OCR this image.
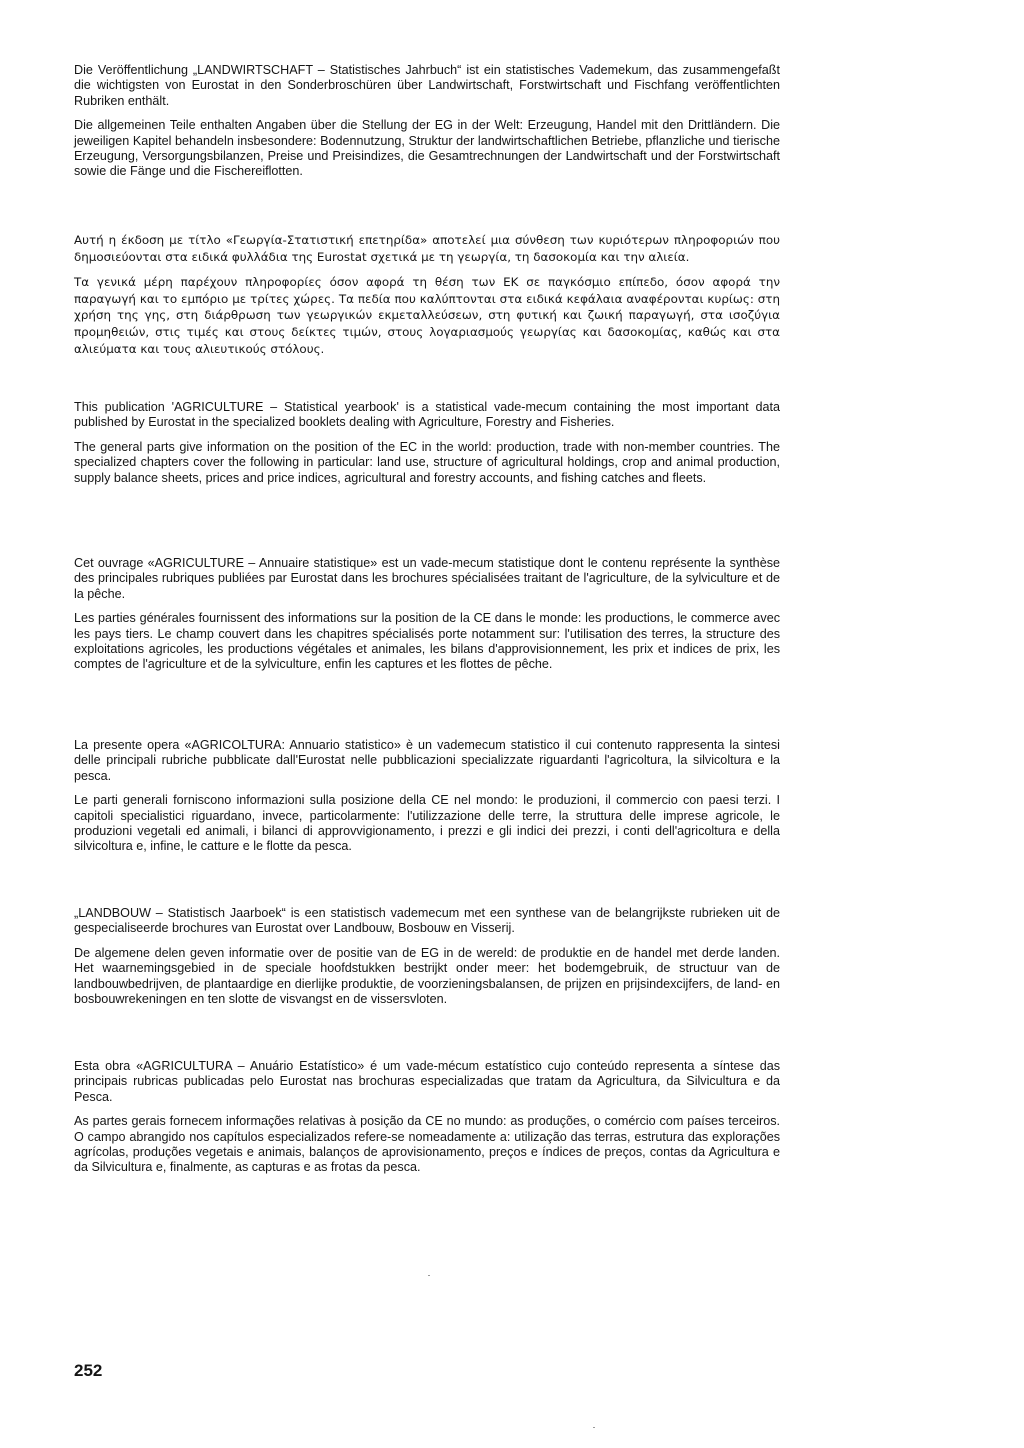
Die Veröffentlichung „LANDWIRTSCHAFT – Statistisches Jahrbuch“ ist ein statistisches Vademekum, das zusammengefaßt die wichtigsten von Eurostat in den Sonderbroschüren über Landwirtschaft, Forstwirtschaft und Fischfang veröffentlichten Rubriken enthält.

Die allgemeinen Teile enthalten Angaben über die Stellung der EG in der Welt: Erzeugung, Handel mit den Drittländern. Die jeweiligen Kapitel behandeln insbesondere: Bodennutzung, Struktur der landwirtschaftlichen Betriebe, pflanzliche und tierische Erzeugung, Versorgungsbilanzen, Preise und Preisindizes, die Gesamtrechnungen der Landwirtschaft und der Forstwirtschaft sowie die Fänge und die Fischereiflotten.

Αυτή η έκδοση με τίτλο «Γεωργία-Στατιστική επετηρίδα» αποτελεί μια σύνθεση των κυριότερων πληροφοριών που δημοσιεύονται στα ειδικά φυλλάδια της Eurostat σχετικά με τη γεωργία, τη δασοκομία και την αλιεία.

Τα γενικά μέρη παρέχουν πληροφορίες όσον αφορά τη θέση των ΕΚ σε παγκόσμιο επίπεδο, όσον αφορά την παραγωγή και το εμπόριο με τρίτες χώρες. Τα πεδία που καλύπτονται στα ειδικά κεφάλαια αναφέρονται κυρίως: στη χρήση της γης, στη διάρθρωση των γεωργικών εκμεταλλεύσεων, στη φυτική και ζωική παραγωγή, στα ισοζύγια προμηθειών, στις τιμές και στους δείκτες τιμών, στους λογαριασμούς γεωργίας και δασοκομίας, καθώς και στα αλιεύματα και τους αλιευτικούς στόλους.

This publication 'AGRICULTURE – Statistical yearbook' is a statistical vade-mecum containing the most important data published by Eurostat in the specialized booklets dealing with Agriculture, Forestry and Fisheries.

The general parts give information on the position of the EC in the world: production, trade with non-member countries. The specialized chapters cover the following in particular: land use, structure of agricultural holdings, crop and animal production, supply balance sheets, prices and price indices, agricultural and forestry accounts, and fishing catches and fleets.

Cet ouvrage «AGRICULTURE – Annuaire statistique» est un vade-mecum statistique dont le contenu représente la synthèse des principales rubriques publiées par Eurostat dans les brochures spécialisées traitant de l'agriculture, de la sylviculture et de la pêche.

Les parties générales fournissent des informations sur la position de la CE dans le monde: les productions, le commerce avec les pays tiers. Le champ couvert dans les chapitres spécialisés porte notamment sur: l'utilisation des terres, la structure des exploitations agricoles, les productions végétales et animales, les bilans d'approvisionnement, les prix et indices de prix, les comptes de l'agriculture et de la sylviculture, enfin les captures et les flottes de pêche.

La presente opera «AGRICOLTURA: Annuario statistico» è un vademecum statistico il cui contenuto rappresenta la sintesi delle principali rubriche pubblicate dall'Eurostat nelle pubblicazioni specializzate riguardanti l'agricoltura, la silvicoltura e la pesca.

Le parti generali forniscono informazioni sulla posizione della CE nel mondo: le produzioni, il commercio con paesi terzi. I capitoli specialistici riguardano, invece, particolarmente: l'utilizzazione delle terre, la struttura delle imprese agricole, le produzioni vegetali ed animali, i bilanci di approvvigionamento, i prezzi e gli indici dei prezzi, i conti dell'agricoltura e della silvicoltura e, infine, le catture e le flotte da pesca.

„LANDBOUW – Statistisch Jaarboek“ is een statistisch vademecum met een synthese van de belangrijkste rubrieken uit de gespecialiseerde brochures van Eurostat over Landbouw, Bosbouw en Visserij.

De algemene delen geven informatie over de positie van de EG in de wereld: de produktie en de handel met derde landen. Het waarnemingsgebied in de speciale hoofdstukken bestrijkt onder meer: het bodemgebruik, de structuur van de landbouwbedrijven, de plantaardige en dierlijke produktie, de voorzieningsbalansen, de prijzen en prijsindexcijfers, de land- en bosbouwrekeningen en ten slotte de visvangst en de vissersvloten.

Esta obra «AGRICULTURA – Anuário Estatístico» é um vade-mécum estatístico cujo conteúdo representa a síntese das principais rubricas publicadas pelo Eurostat nas brochuras especializadas que tratam da Agricultura, da Silvicultura e da Pesca.

As partes gerais fornecem informações relativas à posição da CE no mundo: as produções, o comércio com países terceiros. O campo abrangido nos capítulos especializados refere-se nomeadamente a: utilização das terras, estrutura das explorações agrícolas, produções vegetais e animais, balanços de aprovisionamento, preços e índices de preços, contas da Agricultura e da Silvicultura e, finalmente, as capturas e as frotas da pesca.

252
